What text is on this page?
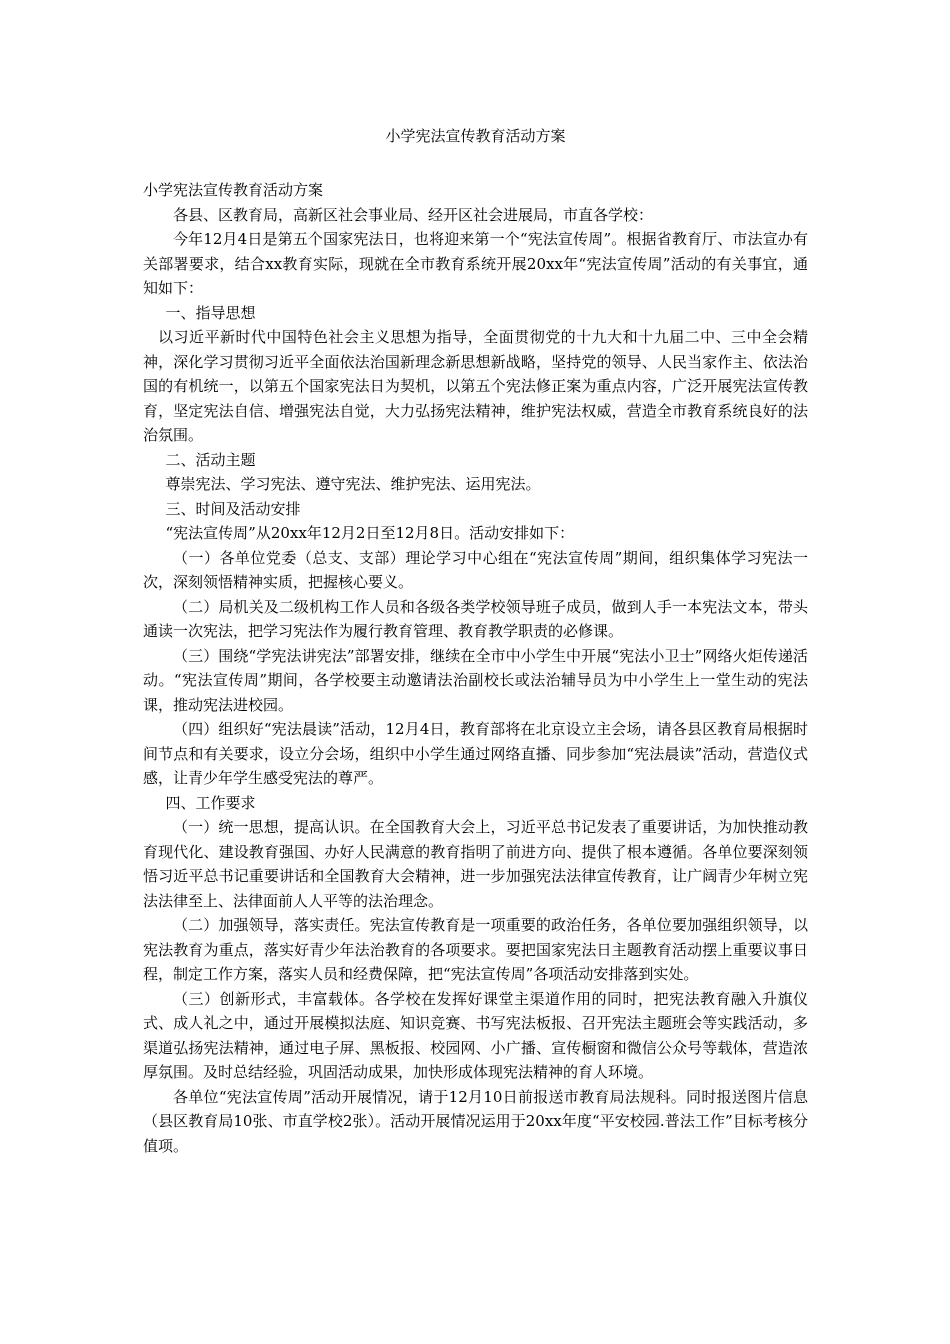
小学宪法宣传教育活动方案

小学宪法宣传教育活动方案

各县、区教育局，高新区社会事业局、经开区社会进展局，市直各学校：

今年12月4日是第五个国家宪法日，也将迎来第一个“宪法宣传周”。根据省教育厅、市法宣办有关部署要求，结合xx教育实际，现就在全市教育系统开展20xx年“宪法宣传周”活动的有关事宜，通知如下：

一、指导思想

以习近平新时代中国特色社会主义思想为指导，全面贯彻党的十九大和十九届二中、三中全会精神，深化学习贯彻习近平全面依法治国新理念新思想新战略，坚持党的领导、人民当家作主、依法治国的有机统一，以第五个国家宪法日为契机，以第五个宪法修正案为重点内容，广泛开展宪法宣传教育，坚定宪法自信、增强宪法自觉，大力弘扬宪法精神，维护宪法权威，营造全市教育系统良好的法治氛围。

二、活动主题

尊崇宪法、学习宪法、遵守宪法、维护宪法、运用宪法。

三、时间及活动安排

“宪法宣传周”从20xx年12月2日至12月8日。活动安排如下：

（一）各单位党委（总支、支部）理论学习中心组在“宪法宣传周”期间，组织集体学习宪法一次，深刻领悟精神实质，把握核心要义。

（二）局机关及二级机构工作人员和各级各类学校领导班子成员，做到人手一本宪法文本，带头通读一次宪法，把学习宪法作为履行教育管理、教育教学职责的必修课。

（三）围绕“学宪法讲宪法”部署安排，继续在全市中小学生中开展“宪法小卫士”网络火炬传递活动。“宪法宣传周”期间，各学校要主动邀请法治副校长或法治辅导员为中小学生上一堂生动的宪法课，推动宪法进校园。

（四）组织好“宪法晨读”活动，12月4日，教育部将在北京设立主会场，请各县区教育局根据时间节点和有关要求，设立分会场，组织中小学生通过网络直播、同步参加“宪法晨读”活动，营造仪式感，让青少年学生感受宪法的尊严。

四、工作要求

（一）统一思想，提高认识。在全国教育大会上，习近平总书记发表了重要讲话，为加快推动教育现代化、建设教育强国、办好人民满意的教育指明了前进方向、提供了根本遵循。各单位要深刻领悟习近平总书记重要讲话和全国教育大会精神，进一步加强宪法法律宣传教育，让广阔青少年树立宪法法律至上、法律面前人人平等的法治理念。

（二）加强领导，落实责任。宪法宣传教育是一项重要的政治任务，各单位要加强组织领导，以宪法教育为重点，落实好青少年法治教育的各项要求。要把国家宪法日主题教育活动摆上重要议事日程，制定工作方案，落实人员和经费保障，把“宪法宣传周”各项活动安排落到实处。

（三）创新形式，丰富载体。各学校在发挥好课堂主渠道作用的同时，把宪法教育融入升旗仪式、成人礼之中，通过开展模拟法庭、知识竞赛、书写宪法板报、召开宪法主题班会等实践活动，多渠道弘扬宪法精神，通过电子屏、黑板报、校园网、小广播、宣传橱窗和微信公众号等载体，营造浓厚氛围。及时总结经验，巩固活动成果，加快形成体现宪法精神的育人环境。

各单位“宪法宣传周”活动开展情况，请于12月10日前报送市教育局法规科。同时报送图片信息（县区教育局10张、市直学校2张）。活动开展情况运用于20xx年度“平安校园.普法工作”目标考核分值项。
